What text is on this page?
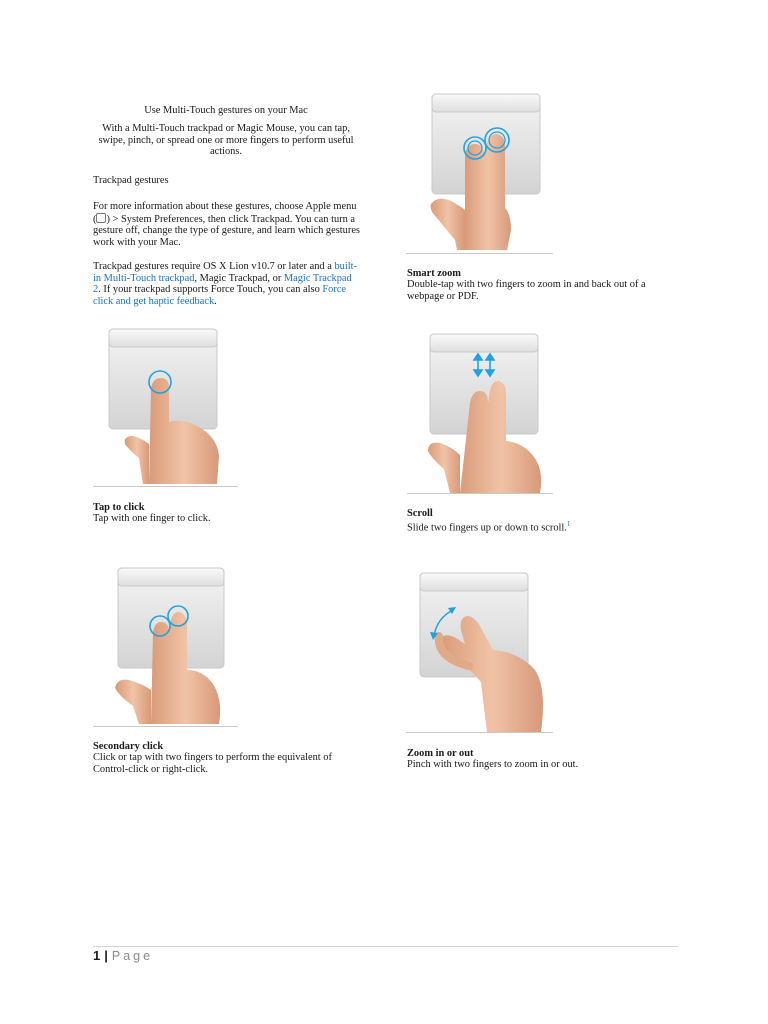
Use Multi-Touch gestures on your Mac
With a Multi-Touch trackpad or Magic Mouse, you can tap,
swipe, pinch, or spread one or more fingers to perform useful
actions.
Trackpad gestures
For more information about these gestures, choose Apple menu
( ) > System Preferences, then click Trackpad. You can turn a
gesture off, change the type of gesture, and learn which gestures
work with your Mac.
Trackpad gestures require OS X Lion v10.7 or later and a built-
in Multi-Touch trackpad, Magic Trackpad, or Magic Trackpad
2. If your trackpad supports Force Touch, you can also Force
click and get haptic feedback.
Smart zoom
Double-tap with two fingers to zoom in and back out of a
webpage or PDF.
Tap to click
Tap with one finger to click.	Scroll
Slide two fingers up or down to scroll.$^1$
Secondary click
Click or tap with two fingers to perform the equivalent of
Control-click or right-click.
Zoom in or out
Pinch with two fingers to zoom in or out.
1 | Page
